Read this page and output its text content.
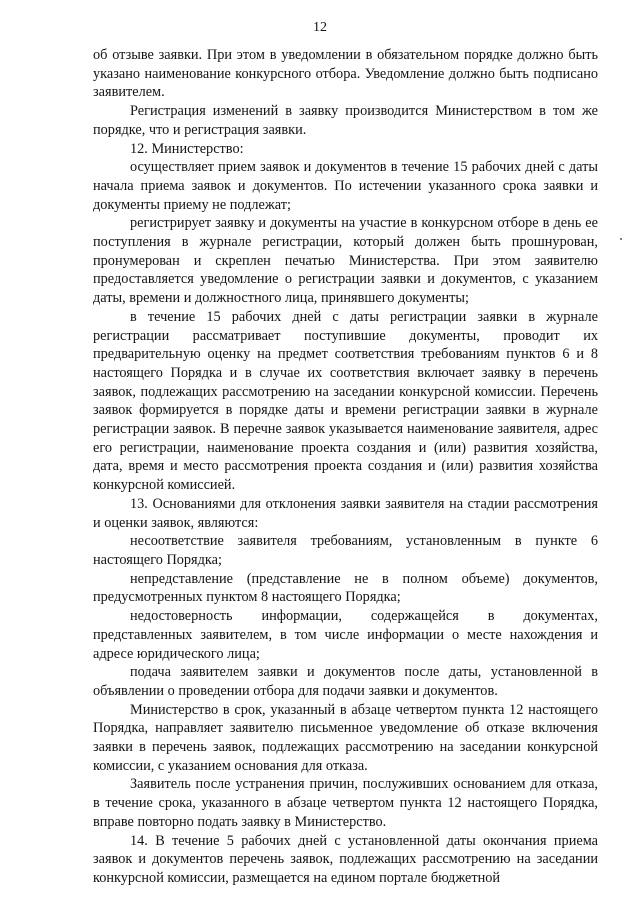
12

об отзыве заявки. При этом в уведомлении в обязательном порядке должно быть указано наименование конкурсного отбора. Уведомление должно быть подписано заявителем.

Регистрация изменений в заявку производится Министерством в том же порядке, что и регистрация заявки.

12. Министерство:

осуществляет прием заявок и документов в течение 15 рабочих дней с даты начала приема заявок и документов. По истечении указанного срока заявки и документы приему не подлежат;

регистрирует заявку и документы на участие в конкурсном отборе в день ее поступления в журнале регистрации, который должен быть прошнурован, пронумерован и скреплен печатью Министерства. При этом заявителю предоставляется уведомление о регистрации заявки и документов, с указанием даты, времени и должностного лица, принявшего документы;

в течение 15 рабочих дней с даты регистрации заявки в журнале регистрации рассматривает поступившие документы, проводит их предварительную оценку на предмет соответствия требованиям пунктов 6 и 8 настоящего Порядка и в случае их соответствия включает заявку в перечень заявок, подлежащих рассмотрению на заседании конкурсной комиссии. Перечень заявок формируется в порядке даты и времени регистрации заявки в журнале регистрации заявок. В перечне заявок указывается наименование заявителя, адрес его регистрации, наименование проекта создания и (или) развития хозяйства, дата, время и место рассмотрения проекта создания и (или) развития хозяйства конкурсной комиссией.

13. Основаниями для отклонения заявки заявителя на стадии рассмотрения и оценки заявок, являются:

несоответствие заявителя требованиям, установленным в пункте 6 настоящего Порядка;

непредставление (представление не в полном объеме) документов, предусмотренных пунктом 8 настоящего Порядка;

недостоверность информации, содержащейся в документах, представленных заявителем, в том числе информации о месте нахождения и адресе юридического лица;

подача заявителем заявки и документов после даты, установленной в объявлении о проведении отбора для подачи заявки и документов.

Министерство в срок, указанный в абзаце четвертом пункта 12 настоящего Порядка, направляет заявителю письменное уведомление об отказе включения заявки в перечень заявок, подлежащих рассмотрению на заседании конкурсной комиссии, с указанием основания для отказа.

Заявитель после устранения причин, послуживших основанием для отказа, в течение срока, указанного в абзаце четвертом пункта 12 настоящего Порядка, вправе повторно подать заявку в Министерство.

14. В течение 5 рабочих дней с установленной даты окончания приема заявок и документов перечень заявок, подлежащих рассмотрению на заседании конкурсной комиссии, размещается на едином портале бюджетной
